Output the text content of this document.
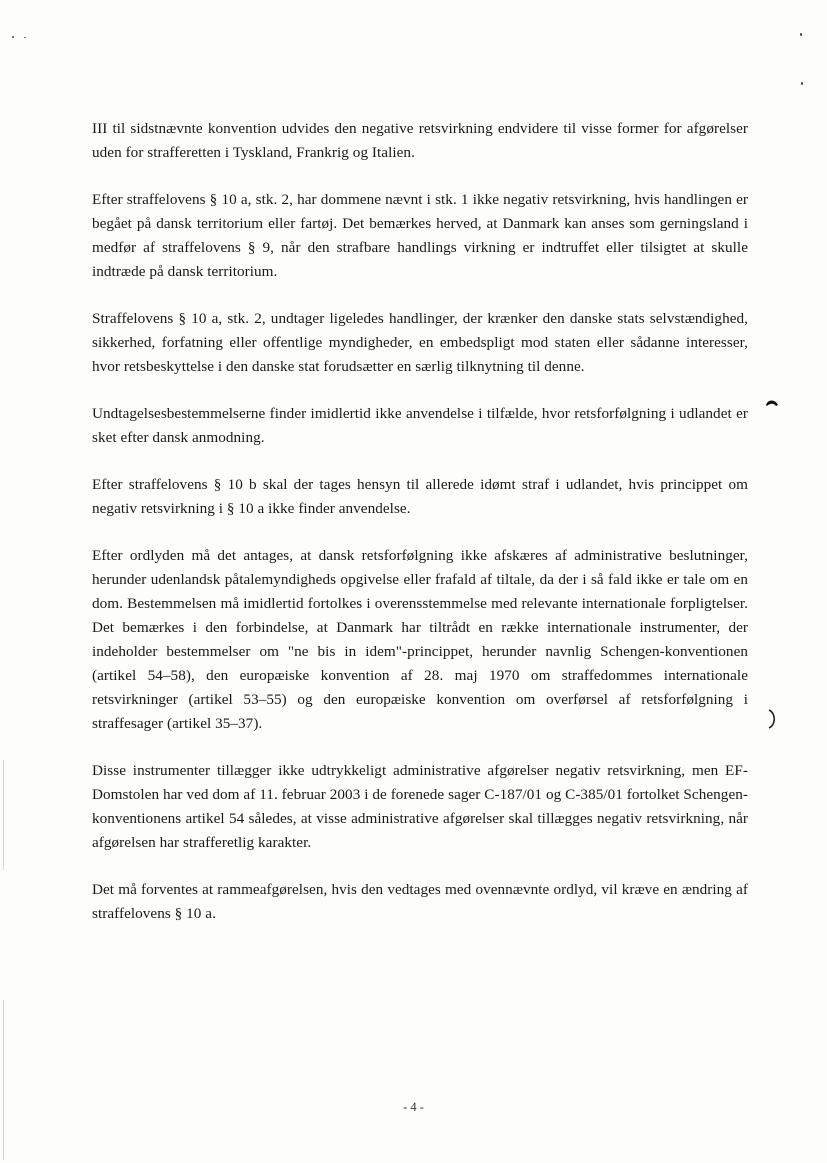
III til sidstnævnte konvention udvides den negative retsvirkning endvidere til visse former for afgørelser uden for strafferetten i Tyskland, Frankrig og Italien.

Efter straffelovens § 10 a, stk. 2, har dommene nævnt i stk. 1 ikke negativ retsvirkning, hvis handlingen er begået på dansk territorium eller fartøj. Det bemærkes herved, at Danmark kan anses som gerningsland i medfør af straffelovens § 9, når den strafbare handlings virkning er indtruffet eller tilsigtet at skulle indtræde på dansk territorium.

Straffelovens § 10 a, stk. 2, undtager ligeledes handlinger, der krænker den danske stats selvstændighed, sikkerhed, forfatning eller offentlige myndigheder, en embedspligt mod staten eller sådanne interesser, hvor retsbeskyttelse i den danske stat forudsætter en særlig tilknytning til denne.

Undtagelsesbestemmelserne finder imidlertid ikke anvendelse i tilfælde, hvor retsforfølgning i udlandet er sket efter dansk anmodning.

Efter straffelovens § 10 b skal der tages hensyn til allerede idømt straf i udlandet, hvis princippet om negativ retsvirkning i § 10 a ikke finder anvendelse.

Efter ordlyden må det antages, at dansk retsforfølgning ikke afskæres af administrative beslutninger, herunder udenlandsk påtalemyndigheds opgivelse eller frafald af tiltale, da der i så fald ikke er tale om en dom. Bestemmelsen må imidlertid fortolkes i overensstemmelse med relevante internationale forpligtelser. Det bemærkes i den forbindelse, at Danmark har tiltrådt en række internationale instrumenter, der indeholder bestemmelser om "ne bis in idem"-princippet, herunder navnlig Schengen-konventionen (artikel 54–58), den europæiske konvention af 28. maj 1970 om straffedommes internationale retsvirkninger (artikel 53–55) og den europæiske konvention om overførsel af retsforfølgning i straffesager (artikel 35–37).

Disse instrumenter tillægger ikke udtrykkeligt administrative afgørelser negativ retsvirkning, men EF-Domstolen har ved dom af 11. februar 2003 i de forenede sager C-187/01 og C-385/01 fortolket Schengen-konventionens artikel 54 således, at visse administrative afgørelser skal tillægges negativ retsvirkning, når afgørelsen har strafferetlig karakter.

Det må forventes at rammeafgørelsen, hvis den vedtages med ovennævnte ordlyd, vil kræve en ændring af straffelovens § 10 a.

- 4 -
